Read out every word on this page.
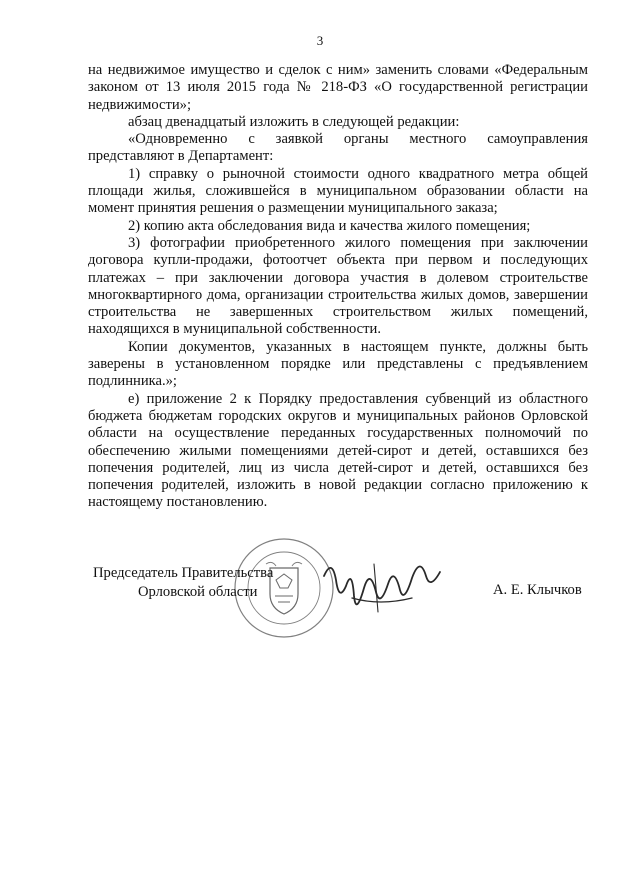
3

на недвижимое имущество и сделок с ним» заменить словами «Федеральным законом от 13 июля 2015 года № 218-ФЗ «О государственной регистрации недвижимости»;

абзац двенадцатый изложить в следующей редакции:

«Одновременно с заявкой органы местного самоуправления представляют в Департамент:

1) справку о рыночной стоимости одного квадратного метра общей площади жилья, сложившейся в муниципальном образовании области на момент принятия решения о размещении муниципального заказа;

2) копию акта обследования вида и качества жилого помещения;

3) фотографии приобретенного жилого помещения при заключении договора купли-продажи, фотоотчет объекта при первом и последующих платежах – при заключении договора участия в долевом строительстве многоквартирного дома, организации строительства жилых домов, завершении строительства не завершенных строительством жилых помещений, находящихся в муниципальной собственности.

Копии документов, указанных в настоящем пункте, должны быть заверены в установленном порядке или представлены с предъявлением подлинника.»;

е) приложение 2 к Порядку предоставления субвенций из областного бюджета бюджетам городских округов и муниципальных районов Орловской области на осуществление переданных государственных полномочий по обеспечению жилыми помещениями детей-сирот и детей, оставшихся без попечения родителей, лиц из числа детей-сирот и детей, оставшихся без попечения родителей, изложить в новой редакции согласно приложению к настоящему постановлению.

Председатель Правительства
Орловской области	А. Е. Клычков
